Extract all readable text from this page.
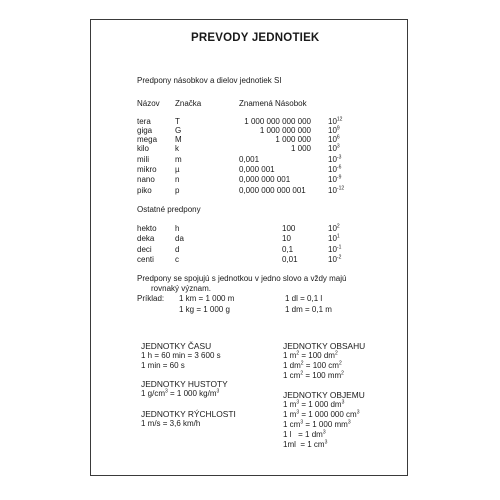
PREVODY JEDNOTIEK
Predpony násobkov a dielov jednotiek SI
Názov Značka	Znamená Násobok
tera	T	1 000 000 000 000 $10^{12}$
giga	G	1 000 000 000 $10^9$
mega M	1 000 000 $10^6$
kilo	k	1 000 $10^3$
mili	m	0,001	$10^{-3}$
mikro µ	0,000 001	$10^{-6}$
nano	n	0,000 000 001	$10^{-9}$
piko	p	0,000 000 000 001	$10^{-12}$
Ostatné predpony
hekto h	100	$10^2$
deka	da	10	$10^1$
deci	d	0,1	$10^{-1}$
centi	c	0,01	$10^{-2}$
Predpony se spojujú s jednotkou v jedno slovo a vždy majú
rovnaký význam.
Príklad: 1 km = 1 000 m
1 kg = 1 000 g
1 dl = 0,1 l
1 dm = 0,1 m
JEDNOTKY ČASU
1 h = 60 min = 3 600 s
1 min = 60 s
JEDNOTKY HUSTOTY
1 $g/cm^3 = 1$ 000 $kg/m^3$
JEDNOTKY RÝCHLOSTI
1 m/s = 3,6 km/h
JEDNOTKY OBSAHU
1 $m^2 = 100$ $dm^2$
1 $dm^2 = 100$ $cm^2$
1 $cm^2 = 100$ $mm^2$
JEDNOTKY OBJEMU
1 $m^3 = 1$ 000 $dm^3$
1 $m^3 = 1$ 000 000 $cm^3$
1 $cm^3 = 1$ 000 $mm^3$
1 l   = 1 $dm^3$
1ml  = 1 $cm^3$
